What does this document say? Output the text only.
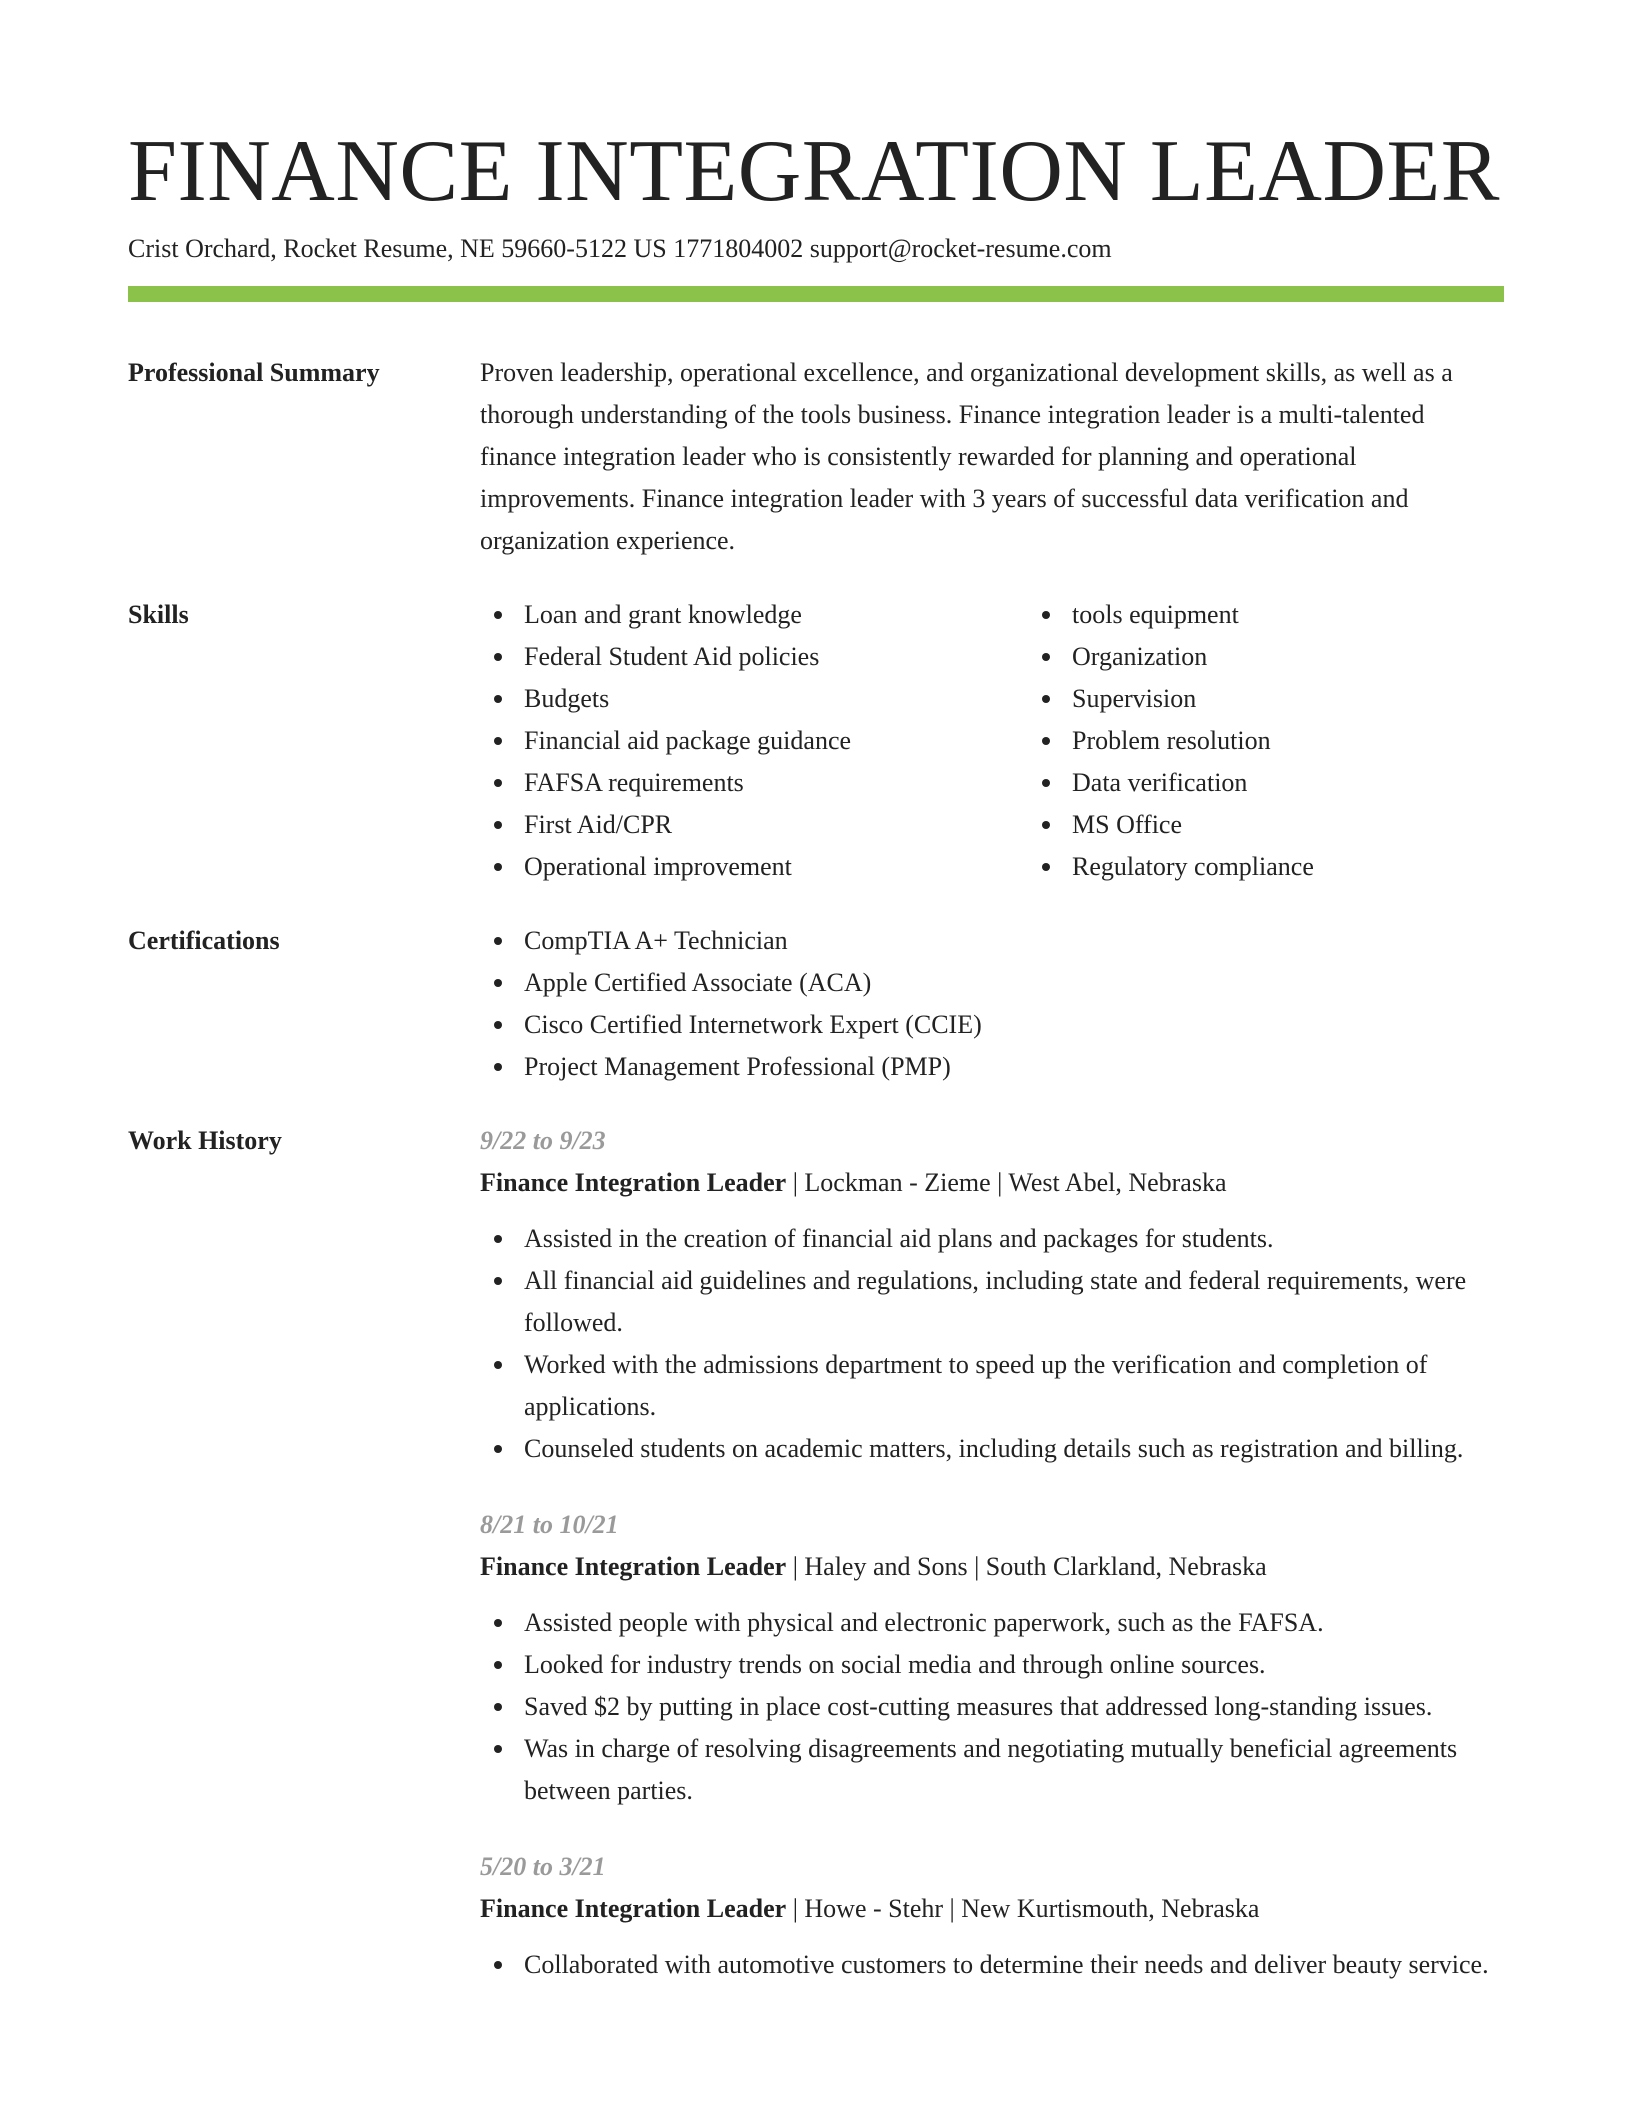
FINANCE INTEGRATION LEADER
Crist Orchard, Rocket Resume, NE 59660-5122 US 1771804002 support@rocket-resume.com
Professional Summary	Proven leadership, operational excellence, and organizational development skills, as well as a thorough understanding of the tools business. Finance integration leader is a multi-talented finance integration leader who is consistently rewarded for planning and operational improvements. Finance integration leader with 3 years of successful data verification and organization experience.
Skills	Loan and grant knowledge
Federal Student Aid policies
Budgets
Financial aid package guidance
FAFSA requirements
First Aid/CPR
Operational improvement
tools equipment
Organization
Supervision
Problem resolution
Data verification
MS Office
Regulatory compliance
Certifications	CompTIA A+ Technician
Apple Certified Associate (ACA)
Cisco Certified Internetwork Expert (CCIE)
Project Management Professional (PMP)
Work History	9/22 to 9/23
Finance Integration Leader | Lockman - Zieme | West Abel, Nebraska
Assisted in the creation of financial aid plans and packages for students.
All financial aid guidelines and regulations, including state and federal requirements, were followed.
Worked with the admissions department to speed up the verification and completion of applications.
Counseled students on academic matters, including details such as registration and billing.
8/21 to 10/21
Finance Integration Leader | Haley and Sons | South Clarkland, Nebraska
Assisted people with physical and electronic paperwork, such as the FAFSA.
Looked for industry trends on social media and through online sources.
Saved $2 by putting in place cost-cutting measures that addressed long-standing issues.
Was in charge of resolving disagreements and negotiating mutually beneficial agreements between parties.
5/20 to 3/21
Finance Integration Leader | Howe - Stehr | New Kurtismouth, Nebraska
Collaborated with automotive customers to determine their needs and deliver beauty service.
